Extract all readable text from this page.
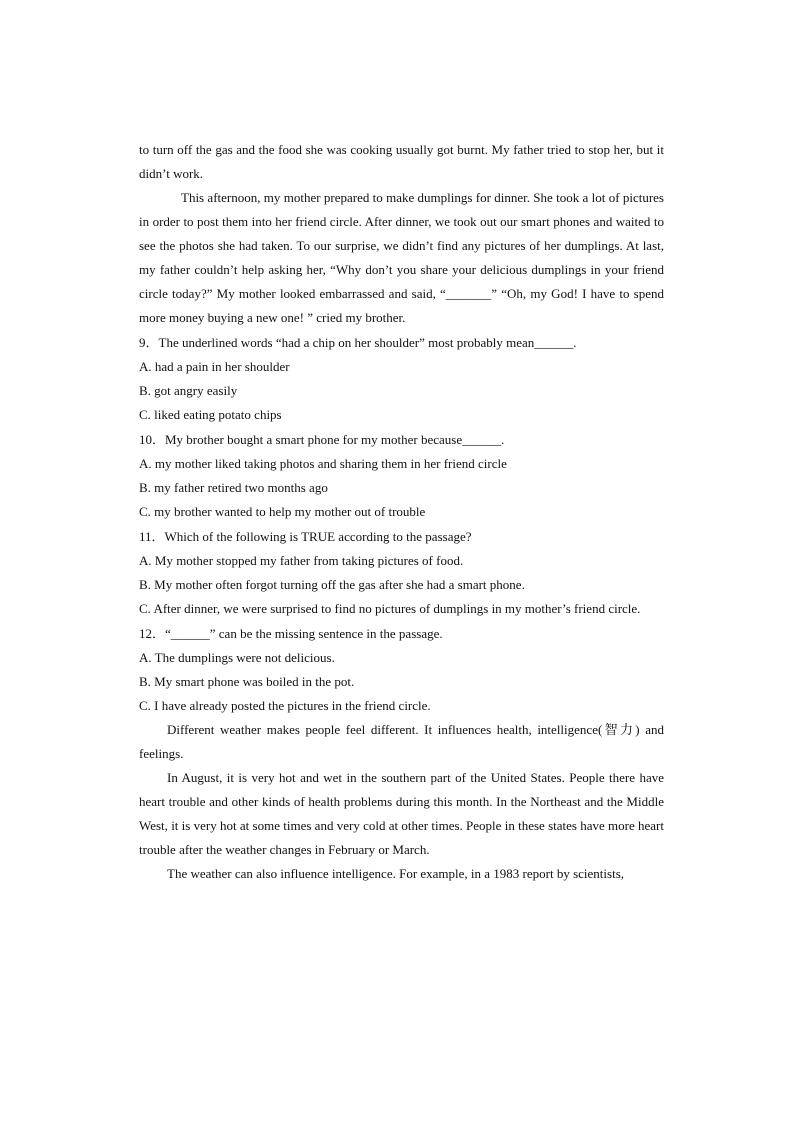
to turn off the gas and the food she was cooking usually got burnt. My father tried to stop her, but it didn’t work.

This afternoon, my mother prepared to make dumplings for dinner. She took a lot of pictures in order to post them into her friend circle. After dinner, we took out our smart phones and waited to see the photos she had taken. To our surprise, we didn’t find any pictures of her dumplings. At last, my father couldn’t help asking her, “Why don’t you share your delicious dumplings in your friend circle today?” My mother looked embarrassed and said, “_______” “Oh, my God! I have to spend more money buying a new one! ” cried my brother.

9．The underlined words “had a chip on her shoulder” most probably mean______.

A. had a pain in her shoulder

B. got angry easily

C. liked eating potato chips

10．My brother bought a smart phone for my mother because______.

A. my mother liked taking photos and sharing them in her friend circle

B. my father retired two months ago

C. my brother wanted to help my mother out of trouble

11．Which of the following is TRUE according to the passage?

A. My mother stopped my father from taking pictures of food.

B. My mother often forgot turning off the gas after she had a smart phone.

C. After dinner, we were surprised to find no pictures of dumplings in my mother’s friend circle.

12．“______” can be the missing sentence in the passage.

A. The dumplings were not delicious.

B. My smart phone was boiled in the pot.

C. I have already posted the pictures in the friend circle.

Different weather makes people feel different. It influences health, intelligence(智力) and feelings.

In August, it is very hot and wet in the southern part of the United States. People there have heart trouble and other kinds of health problems during this month. In the Northeast and the Middle West, it is very hot at some times and very cold at other times. People in these states have more heart trouble after the weather changes in February or March.

The weather can also influence intelligence. For example, in a 1983 report by scientists,
